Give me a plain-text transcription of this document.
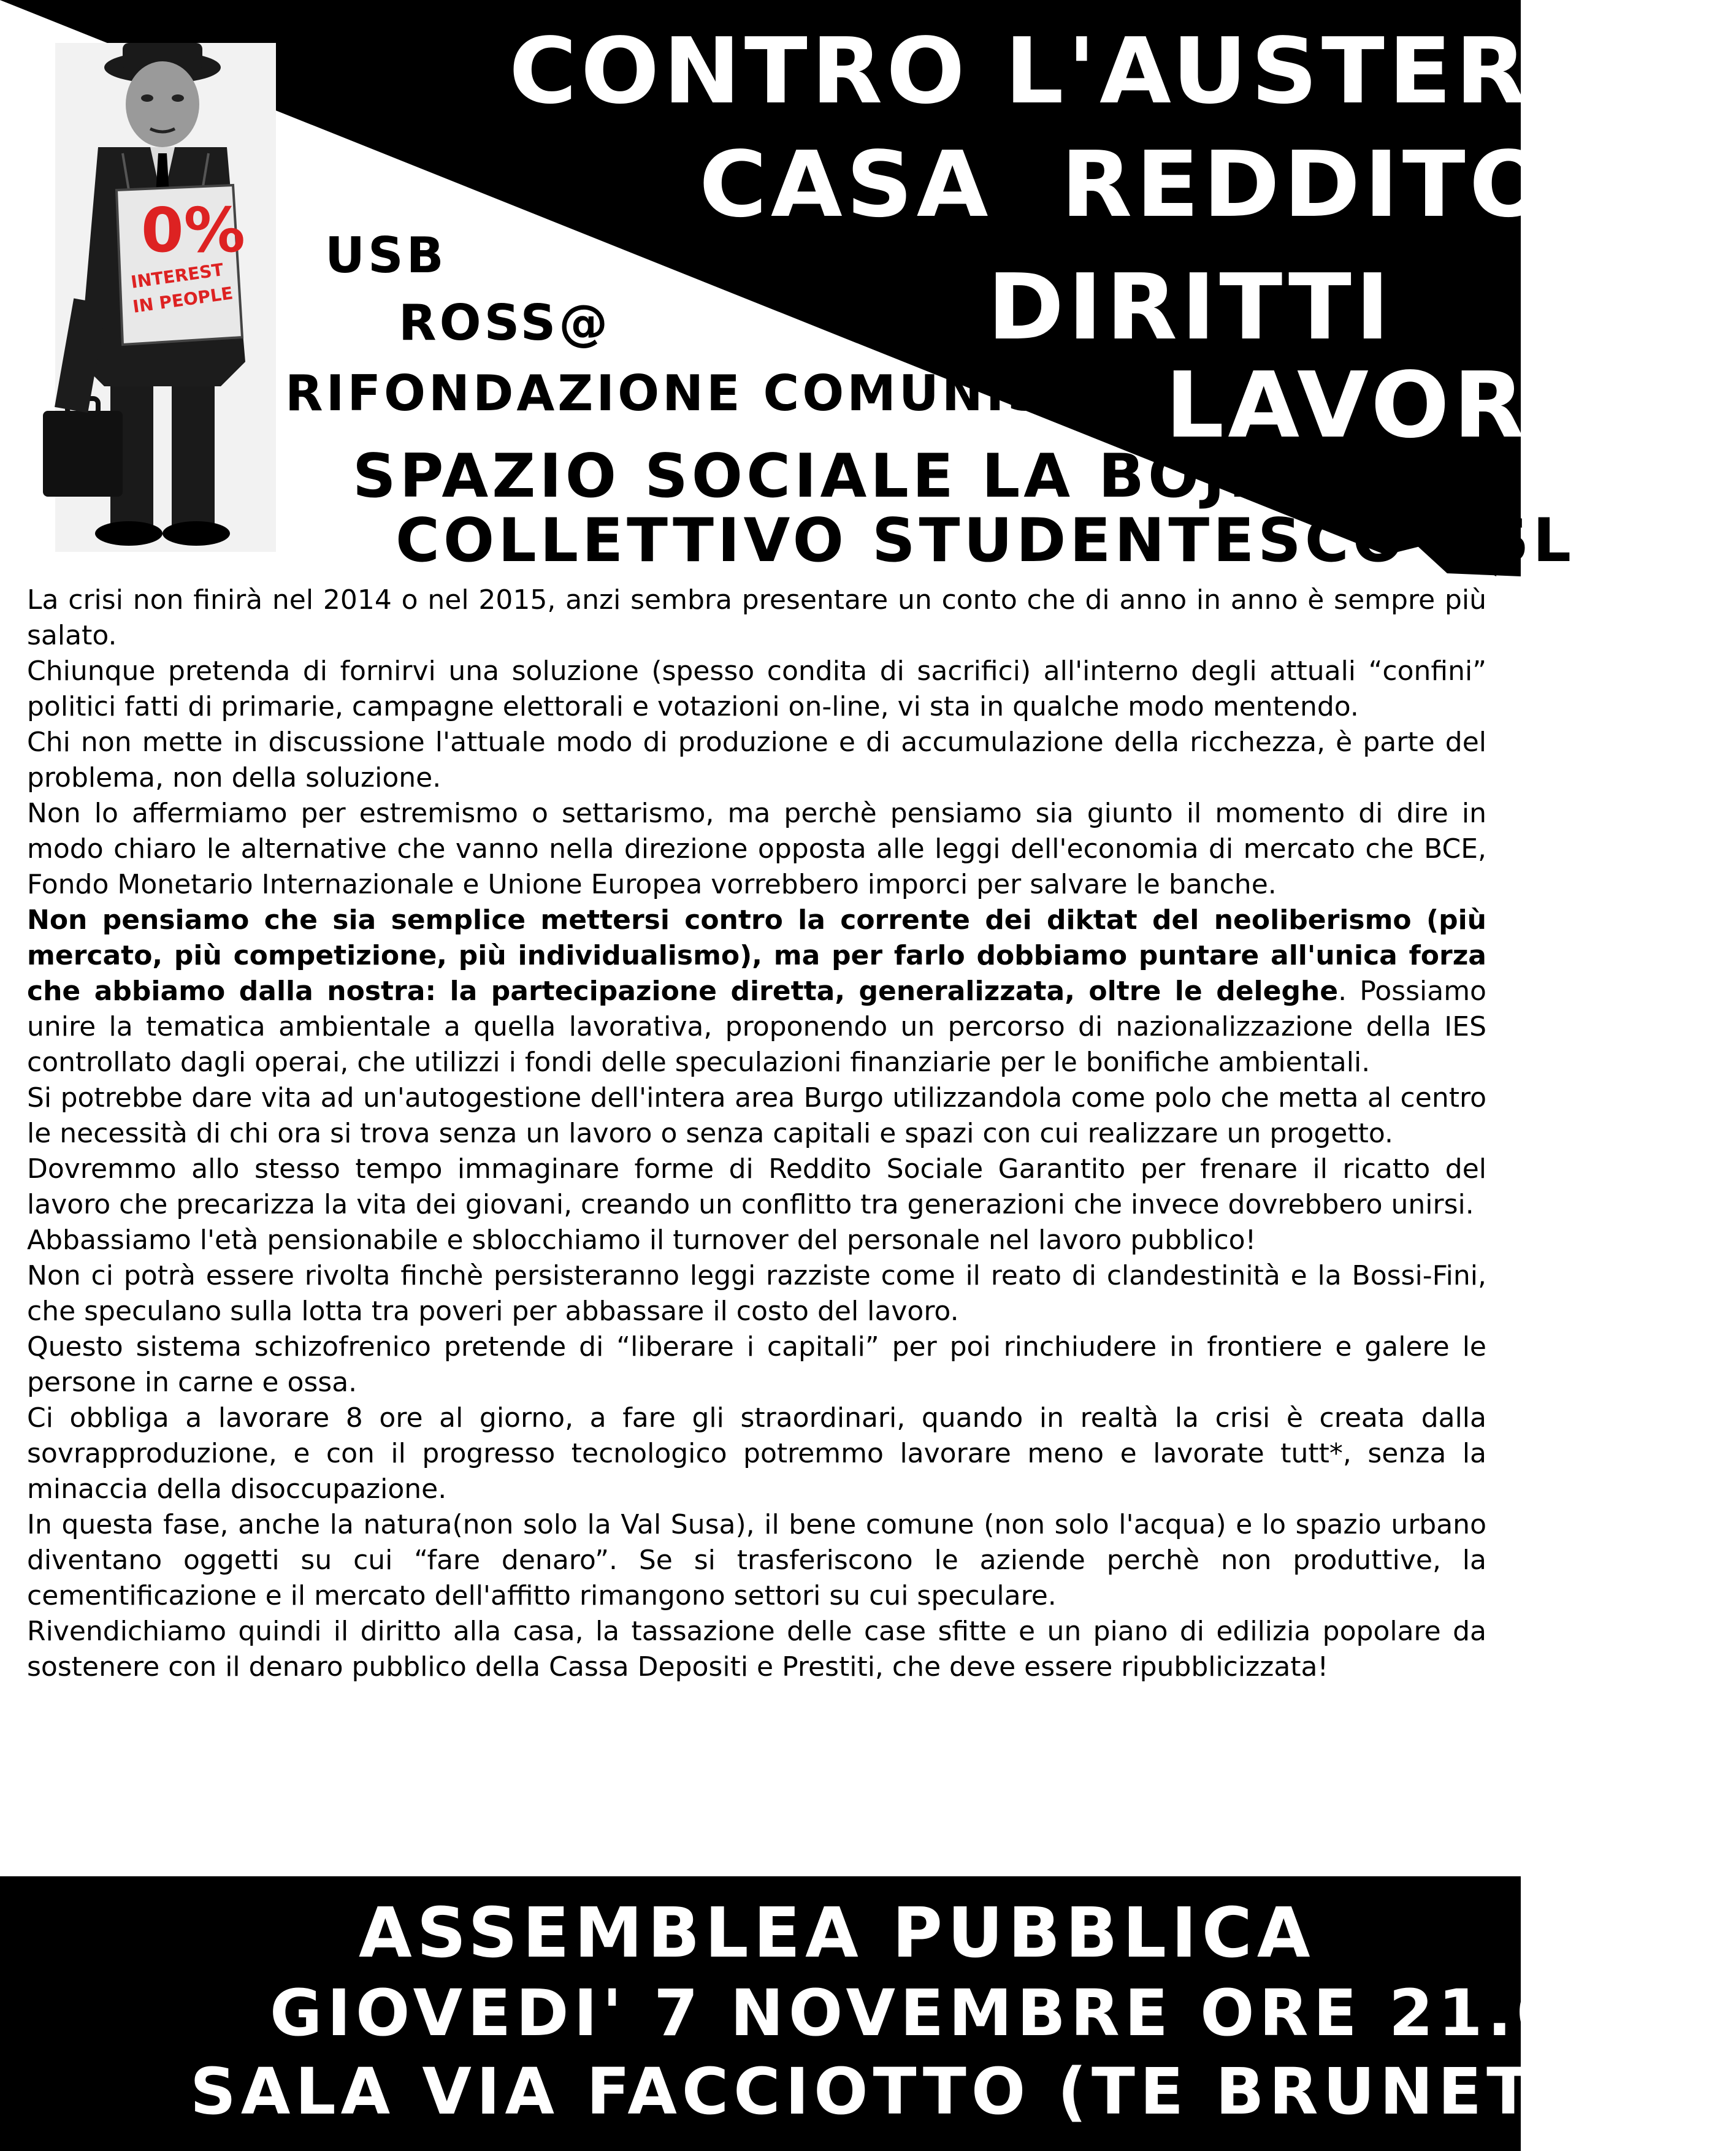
0%
INTEREST
IN PEOPLE
CONTRO L'AUSTERITA'
CASA REDDITO
DIRITTI
LAVORO
USB
ROSS@
RIFONDAZIONE COMUNISTA
SPAZIO SOCIALE LA BOJE!
COLLETTIVO STUDENTESCO HSL

La crisi non finirà nel 2014 o nel 2015, anzi sembra presentare un conto che di anno in anno è sempre più salato.

Chiunque pretenda di fornirvi una soluzione (spesso condita di sacrifici) all'interno degli attuali “confini” politici fatti di primarie, campagne elettorali e votazioni on-line, vi sta in qualche modo mentendo.

Chi non mette in discussione l'attuale modo di produzione e di accumulazione della ricchezza, è parte del problema, non della soluzione.

Non lo affermiamo per estremismo o settarismo, ma perchè pensiamo sia giunto il momento di dire in modo chiaro le alternative che vanno nella direzione opposta alle leggi dell'economia di mercato che BCE, Fondo Monetario Internazionale e Unione Europea vorrebbero imporci per salvare le banche.

Non pensiamo che sia semplice mettersi contro la corrente dei diktat del neoliberismo (più mercato, più competizione, più individualismo), ma per farlo dobbiamo puntare all'unica forza che abbiamo dalla nostra: la partecipazione diretta, generalizzata, oltre le deleghe. Possiamo unire la tematica ambientale a quella lavorativa, proponendo un percorso di nazionalizzazione della IES controllato dagli operai, che utilizzi i fondi delle speculazioni finanziarie per le bonifiche ambientali.

Si potrebbe dare vita ad un'autogestione dell'intera area Burgo utilizzandola come polo che metta al centro le necessità di chi ora si trova senza un lavoro o senza capitali e spazi con cui realizzare un progetto.

Dovremmo allo stesso tempo immaginare forme di Reddito Sociale Garantito per frenare il ricatto del lavoro che precarizza la vita dei giovani, creando un conflitto tra generazioni che invece dovrebbero unirsi.

Abbassiamo l'età pensionabile e sblocchiamo il turnover del personale nel lavoro pubblico!

Non ci potrà essere rivolta finchè persisteranno leggi razziste come il reato di clandestinità e la Bossi-Fini, che speculano sulla lotta tra poveri per abbassare il costo del lavoro.

Questo sistema schizofrenico pretende di “liberare i capitali” per poi rinchiudere in frontiere e galere le persone in carne e ossa.

Ci obbliga a lavorare 8 ore al giorno, a fare gli straordinari, quando in realtà la crisi è creata dalla sovrapproduzione, e con il progresso tecnologico potremmo lavorare meno e lavorate tutt*, senza la minaccia della disoccupazione.

In questa fase, anche la natura(non solo la Val Susa), il bene comune (non solo l'acqua) e lo spazio urbano diventano oggetti su cui “fare denaro”. Se si trasferiscono le aziende perchè non produttive, la cementificazione e il mercato dell'affitto rimangono settori su cui speculare.

Rivendichiamo quindi il diritto alla casa, la tassazione delle case sfitte e un piano di edilizia popolare da sostenere con il denaro pubblico della Cassa Depositi e Prestiti, che deve essere ripubblicizzata!

ASSEMBLEA PUBBLICA
GIOVEDI' 7 NOVEMBRE ORE 21.00
SALA VIA FACCIOTTO (TE BRUNETTI)
